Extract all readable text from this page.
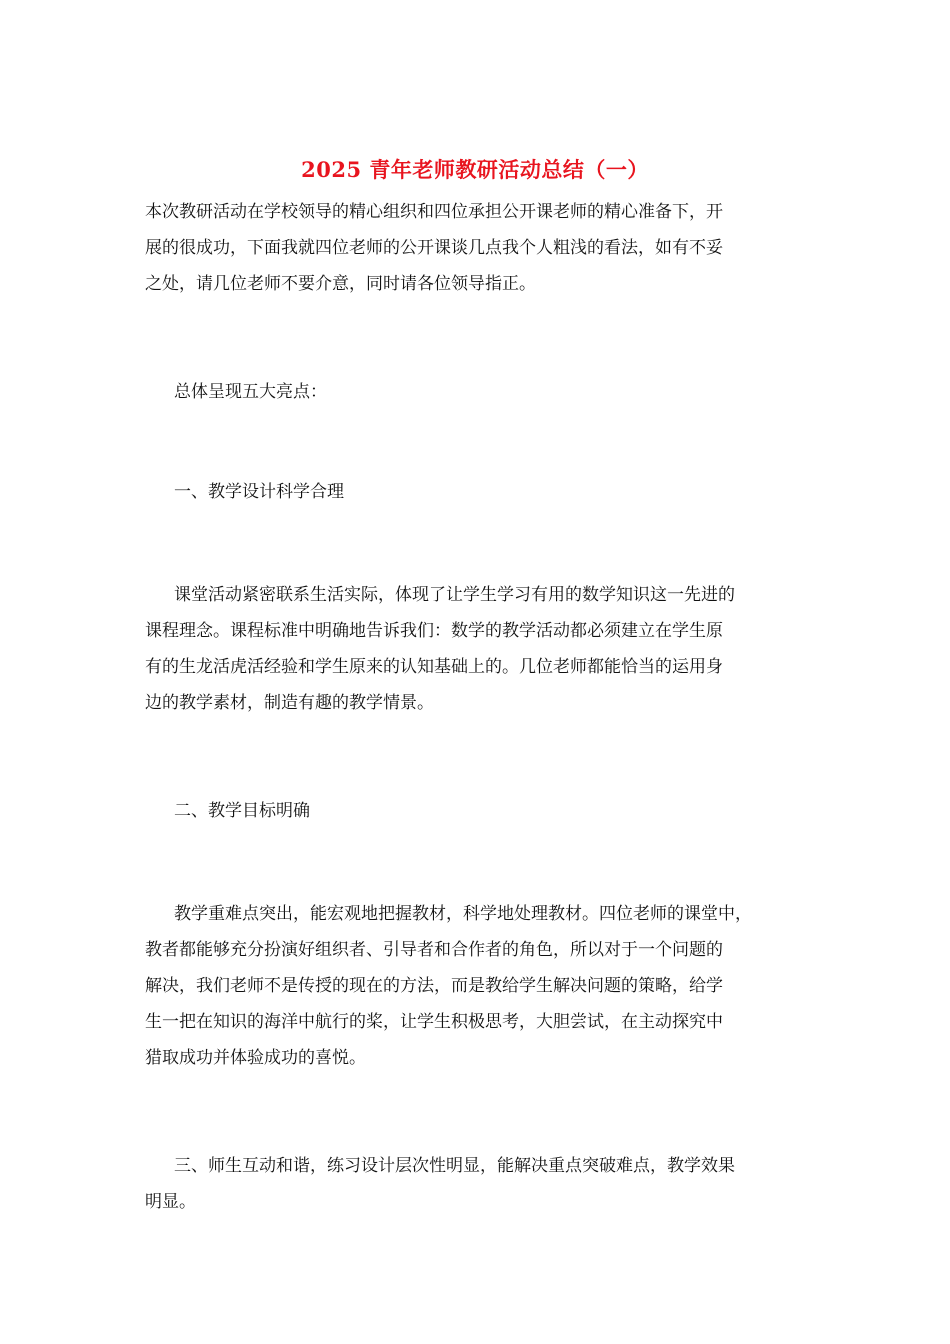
2025 青年老师教研活动总结（一）
本次教研活动在学校领导的精心组织和四位承担公开课老师的精心准备下，开
展的很成功，下面我就四位老师的公开课谈几点我个人粗浅的看法，如有不妥
之处，请几位老师不要介意，同时请各位领导指正。
总体呈现五大亮点：
一、教学设计科学合理
课堂活动紧密联系生活实际，体现了让学生学习有用的数学知识这一先进的
课程理念。课程标准中明确地告诉我们：数学的教学活动都必须建立在学生原
有的生龙活虎活经验和学生原来的认知基础上的。几位老师都能恰当的运用身
边的教学素材，制造有趣的教学情景。
二、教学目标明确
教学重难点突出，能宏观地把握教材，科学地处理教材。四位老师的课堂中，
教者都能够充分扮演好组织者、引导者和合作者的角色，所以对于一个问题的
解决，我们老师不是传授的现在的方法，而是教给学生解决问题的策略，给学
生一把在知识的海洋中航行的桨，让学生积极思考，大胆尝试，在主动探究中
猎取成功并体验成功的喜悦。
三、师生互动和谐，练习设计层次性明显，能解决重点突破难点，教学效果
明显。
